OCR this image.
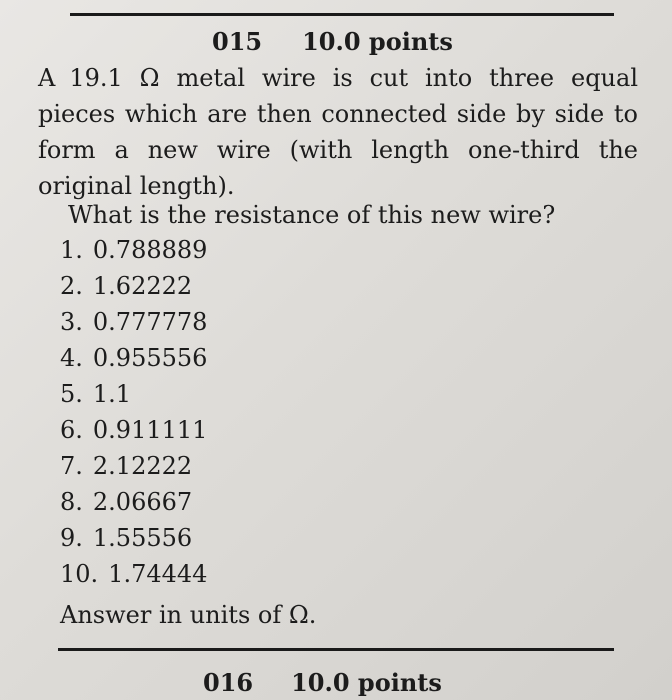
015 10.0 points
A 19.1 Ω metal wire is cut into three equal pieces which are then connected side by side to form a new wire (with length one-third the original length).
What is the resistance of this new wire?
1. 0.788889
2. 1.62222
3. 0.777778
4. 0.955556
5. 1.1
6. 0.911111
7. 2.12222
8. 2.06667
9. 1.55556
10. 1.74444
Answer in units of Ω.
016 10.0 points
